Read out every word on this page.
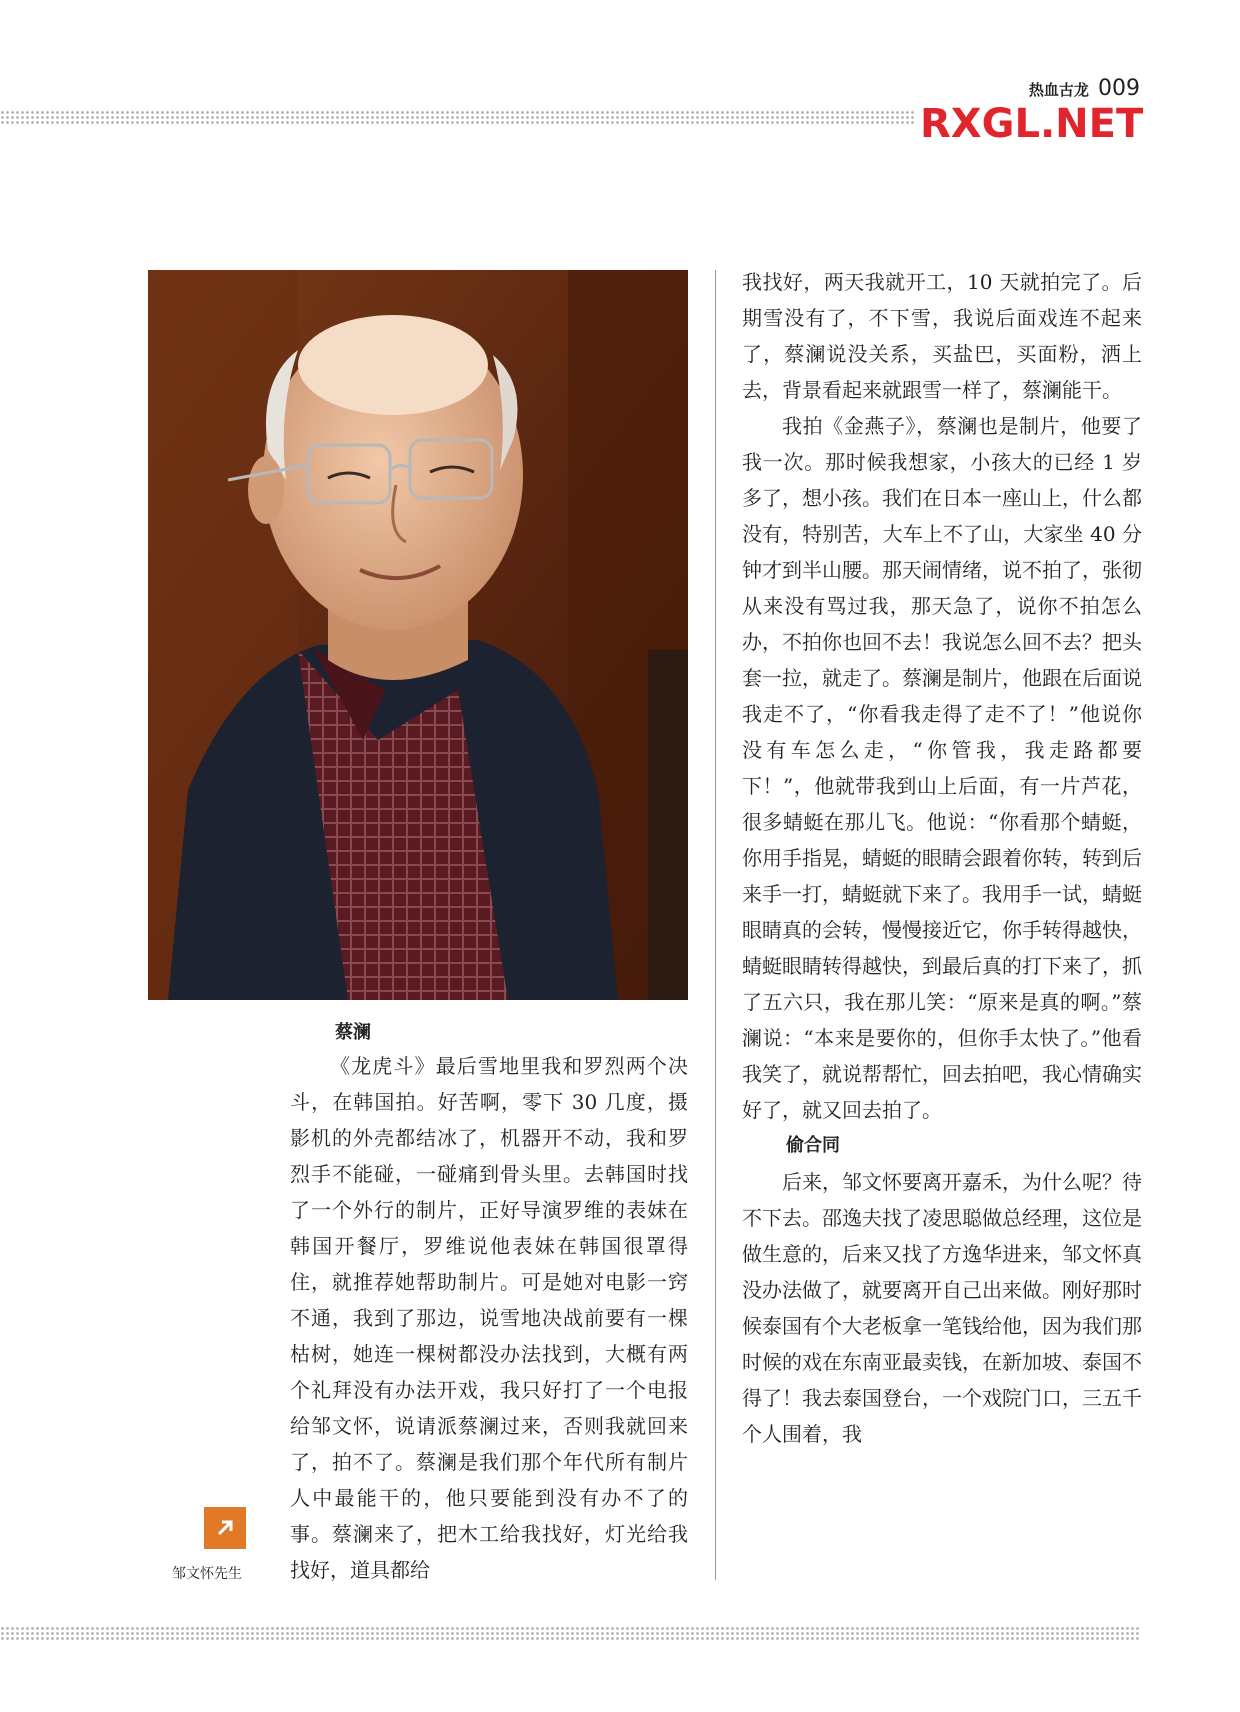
热血古龙 009
RXGL.NET
蔡澜

《龙虎斗》最后雪地里我和罗烈两个决斗，在韩国拍。好苦啊，零下 30 几度，摄影机的外壳都结冰了，机器开不动，我和罗烈手不能碰，一碰痛到骨头里。去韩国时找了一个外行的制片，正好导演罗维的表妹在韩国开餐厅，罗维说他表妹在韩国很罩得住，就推荐她帮助制片。可是她对电影一窍不通，我到了那边，说雪地决战前要有一棵枯树，她连一棵树都没办法找到，大概有两个礼拜没有办法开戏，我只好打了一个电报给邹文怀，说请派蔡澜过来，否则我就回来了，拍不了。蔡澜是我们那个年代所有制片人中最能干的，他只要能到没有办不了的事。蔡澜来了，把木工给我找好，灯光给我找好，道具都给

我找好，两天我就开工，10 天就拍完了。后期雪没有了，不下雪，我说后面戏连不起来了，蔡澜说没关系，买盐巴，买面粉，洒上去，背景看起来就跟雪一样了，蔡澜能干。

我拍《金燕子》，蔡澜也是制片，他要了我一次。那时候我想家，小孩大的已经 1 岁多了，想小孩。我们在日本一座山上，什么都没有，特别苦，大车上不了山，大家坐 40 分钟才到半山腰。那天闹情绪，说不拍了，张彻从来没有骂过我，那天急了，说你不拍怎么办，不拍你也回不去！我说怎么回不去？把头套一拉，就走了。蔡澜是制片，他跟在后面说我走不了，“你看我走得了走不了！”他说你没有车怎么走，“你管我，我走路都要下！”，他就带我到山上后面，有一片芦花，很多蜻蜓在那儿飞。他说：“你看那个蜻蜓，你用手指晃，蜻蜓的眼睛会跟着你转，转到后来手一打，蜻蜓就下来了。我用手一试，蜻蜓眼睛真的会转，慢慢接近它，你手转得越快，蜻蜓眼睛转得越快，到最后真的打下来了，抓了五六只，我在那儿笑：“原来是真的啊。”蔡澜说：“本来是要你的，但你手太快了。”他看我笑了，就说帮帮忙，回去拍吧，我心情确实好了，就又回去拍了。

偷合同

后来，邹文怀要离开嘉禾，为什么呢？待不下去。邵逸夫找了凌思聪做总经理，这位是做生意的，后来又找了方逸华进来，邹文怀真没办法做了，就要离开自己出来做。刚好那时候泰国有个大老板拿一笔钱给他，因为我们那时候的戏在东南亚最卖钱，在新加坡、泰国不得了！我去泰国登台，一个戏院门口，三五千个人围着，我

邹文怀先生
